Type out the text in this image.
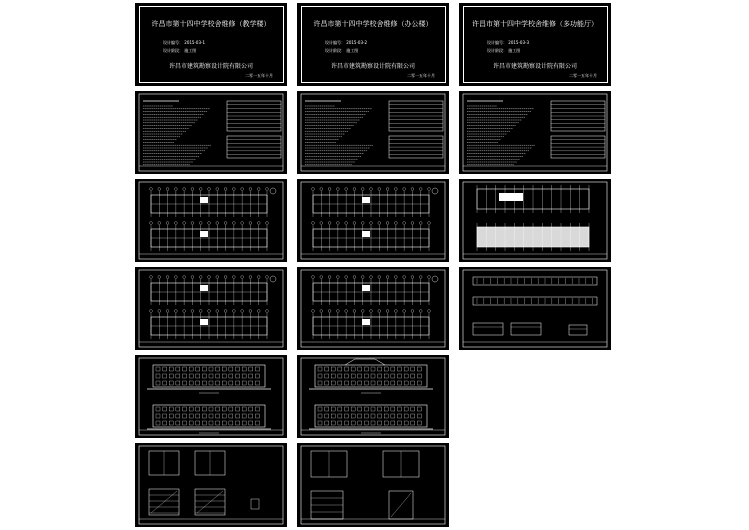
许昌市第十四中学校舍维修（教学楼）
设计编号： 2015-03-1
设计阶段： 施工图
许昌市建筑勘察设计院有限公司
二零一五年十月
许昌市第十四中学校舍维修（办公楼）
设计编号： 2015-03-2
设计阶段： 施工图
许昌市建筑勘察设计院有限公司
二零一五年十月
许昌市第十四中学校舍维修（多功能厅）
设计编号： 2015-03-3
设计阶段： 施工图
许昌市建筑勘察设计院有限公司
二零一五年十月
